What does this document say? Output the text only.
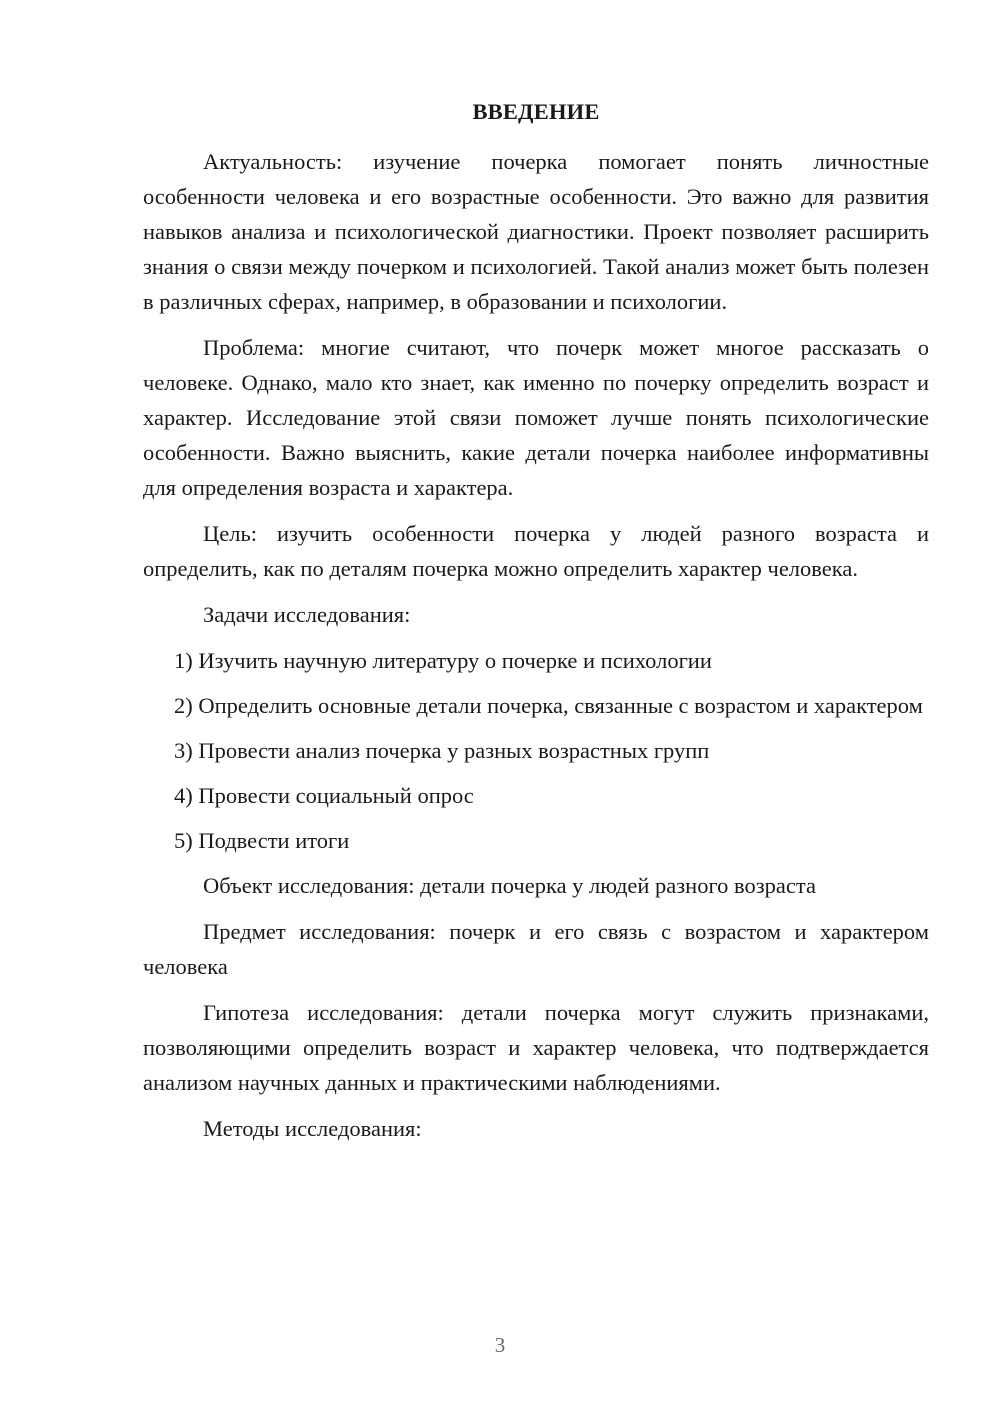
ВВЕДЕНИЕ

Актуальность: изучение почерка помогает понять личностные особенности человека и его возрастные особенности. Это важно для развития навыков анализа и психологической диагностики. Проект позволяет расширить знания о связи между почерком и психологией. Такой анализ может быть полезен в различных сферах, например, в образовании и психологии.

Проблема: многие считают, что почерк может многое рассказать о человеке. Однако, мало кто знает, как именно по почерку определить возраст и характер. Исследование этой связи поможет лучше понять психологические особенности. Важно выяснить, какие детали почерка наиболее информативны для определения возраста и характера.

Цель: изучить особенности почерка у людей разного возраста и определить, как по деталям почерка можно определить характер человека.

Задачи исследования:

1) Изучить научную литературу о почерке и психологии

2) Определить основные детали почерка, связанные с возрастом и характером

3) Провести анализ почерка у разных возрастных групп

4) Провести социальный опрос

5) Подвести итоги

Объект исследования: детали почерка у людей разного возраста

Предмет исследования: почерк и его связь с возрастом и характером человека

Гипотеза исследования: детали почерка могут служить признаками, позволяющими определить возраст и характер человека, что подтверждается анализом научных данных и практическими наблюдениями.

Методы исследования:

3
